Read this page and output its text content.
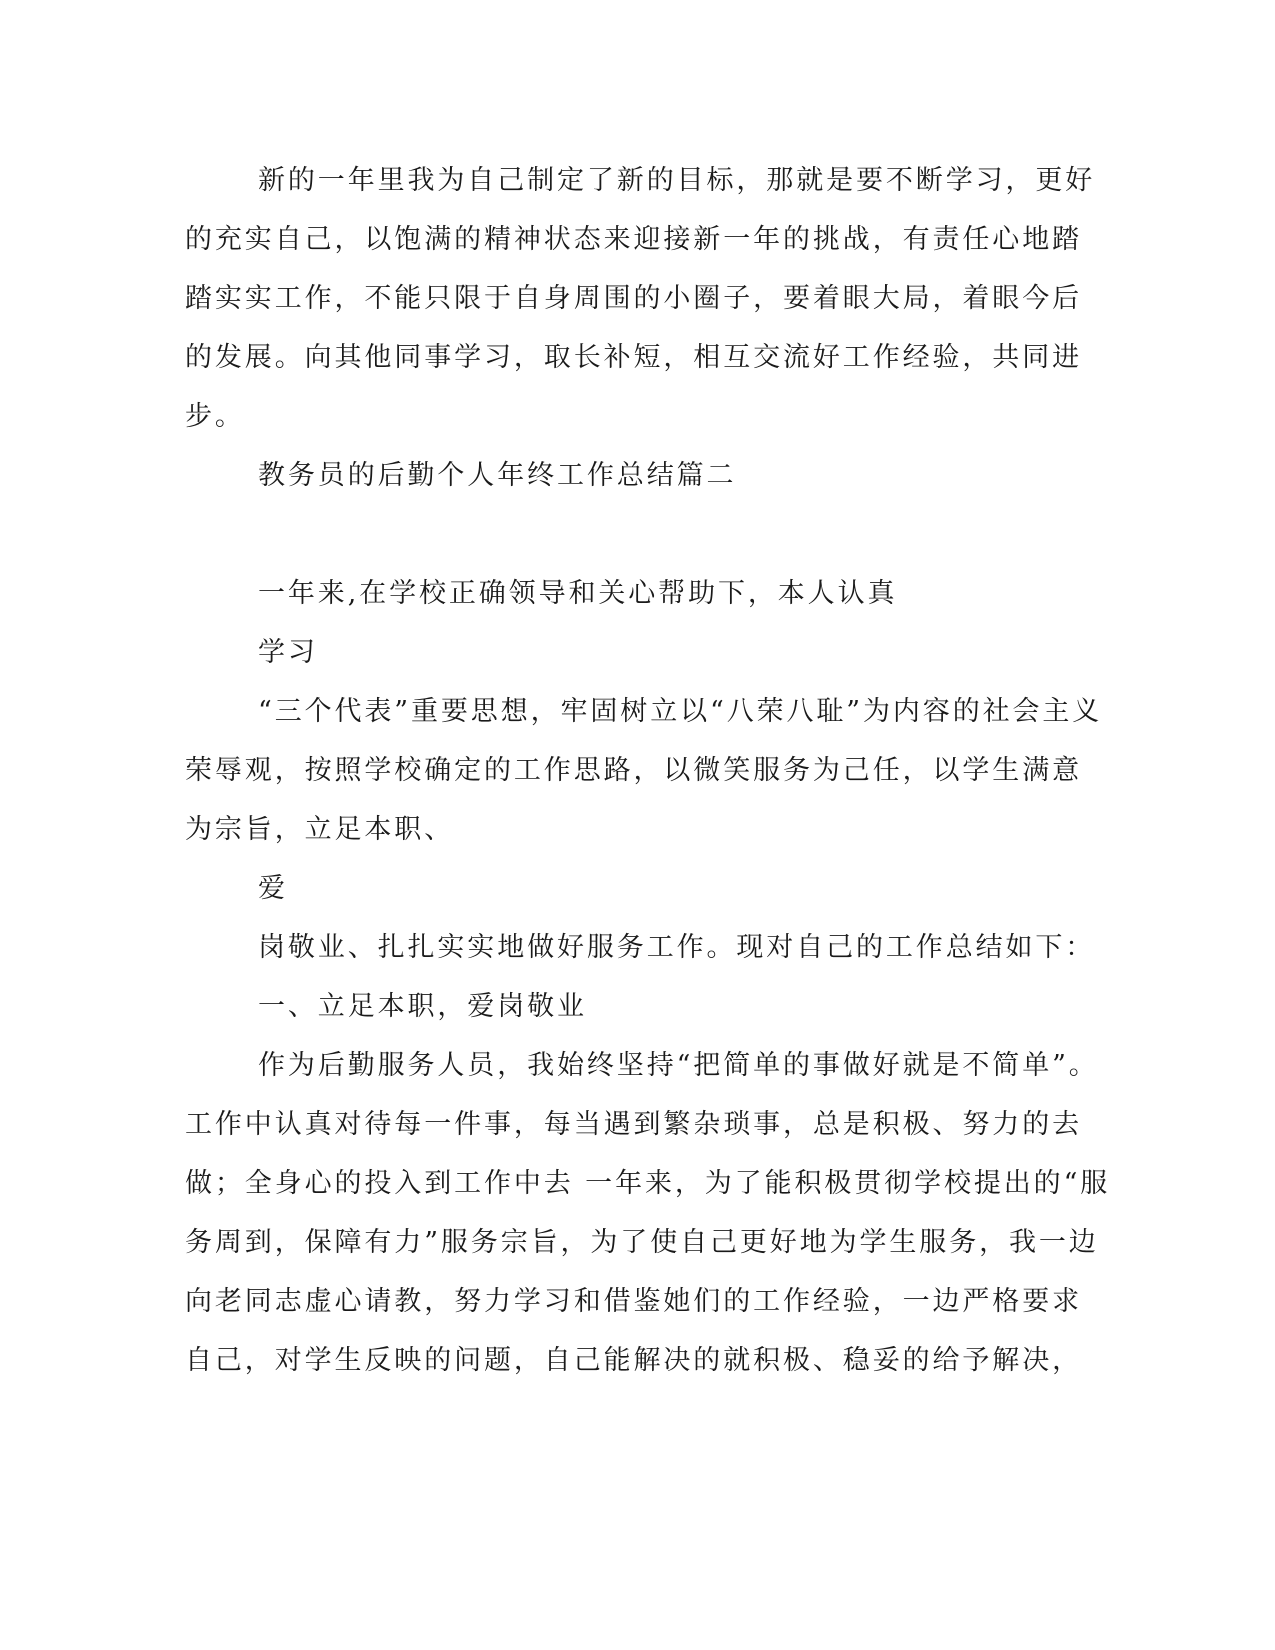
新的一年里我为自己制定了新的目标，那就是要不断学习，更好

的充实自己，以饱满的精神状态来迎接新一年的挑战，有责任心地踏

踏实实工作，不能只限于自身周围的小圈子，要着眼大局，着眼今后

的发展。向其他同事学习，取长补短，相互交流好工作经验，共同进

步。

教务员的后勤个人年终工作总结篇二

一年来,在学校正确领导和关心帮助下，本人认真

学习

“三个代表”重要思想，牢固树立以“八荣八耻”为内容的社会主义

荣辱观，按照学校确定的工作思路，以微笑服务为己任，以学生满意

为宗旨，立足本职、

爱

岗敬业、扎扎实实地做好服务工作。现对自己的工作总结如下：

一、立足本职，爱岗敬业

作为后勤服务人员，我始终坚持“把简单的事做好就是不简单”。

工作中认真对待每一件事，每当遇到繁杂琐事，总是积极、努力的去

做；全身心的投入到工作中去 一年来，为了能积极贯彻学校提出的“服

务周到，保障有力”服务宗旨，为了使自己更好地为学生服务，我一边

向老同志虚心请教，努力学习和借鉴她们的工作经验，一边严格要求

自己，对学生反映的问题，自己能解决的就积极、稳妥的给予解决，
